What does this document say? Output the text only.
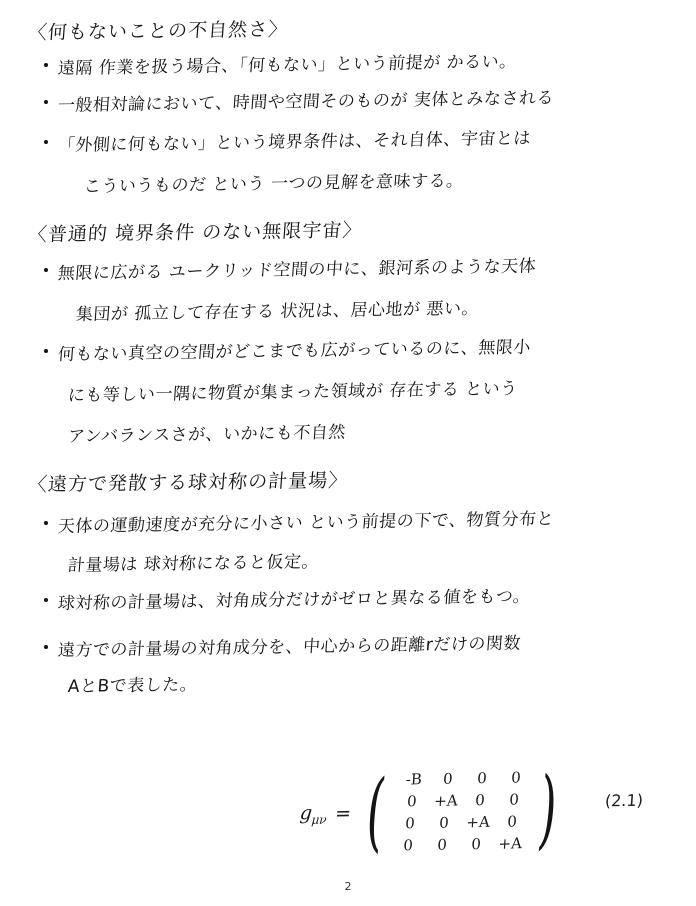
〈何もないことの不自然さ〉
遠隔 作業を扱う場合、「何もない」という前提が かるい。
一般相対論において、時間や空間そのものが 実体とみなされる
「外側に何もない」という境界条件は、それ自体、宇宙とは
こういうものだ という 一つの見解を意味する。
〈普通的 境界条件 のない無限宇宙〉
無限に広がる ユークリッド空間の中に、銀河系のような天体
集団が 孤立して存在する 状況は、居心地が 悪い。
何もない真空の空間がどこまでも広がっているのに、無限小
にも等しい一隅に物質が集まった領域が 存在する という
アンバランスさが、いかにも不自然
〈遠方で発散する球対称の計量場〉
天体の運動速度が充分に小さい という前提の下で、物質分布と
計量場は 球対称になると仮定。
球対称の計量場は、対角成分だけがゼロと異なる値をもつ。
遠方での計量場の対角成分を、中心からの距離rだけの関数
AとBで表した。
$g_{\mu\nu}$ = (	-B	0	0	0
0	+A	0	0
0	0	+A	0
0	0	0	+A )	(2.1)
2
